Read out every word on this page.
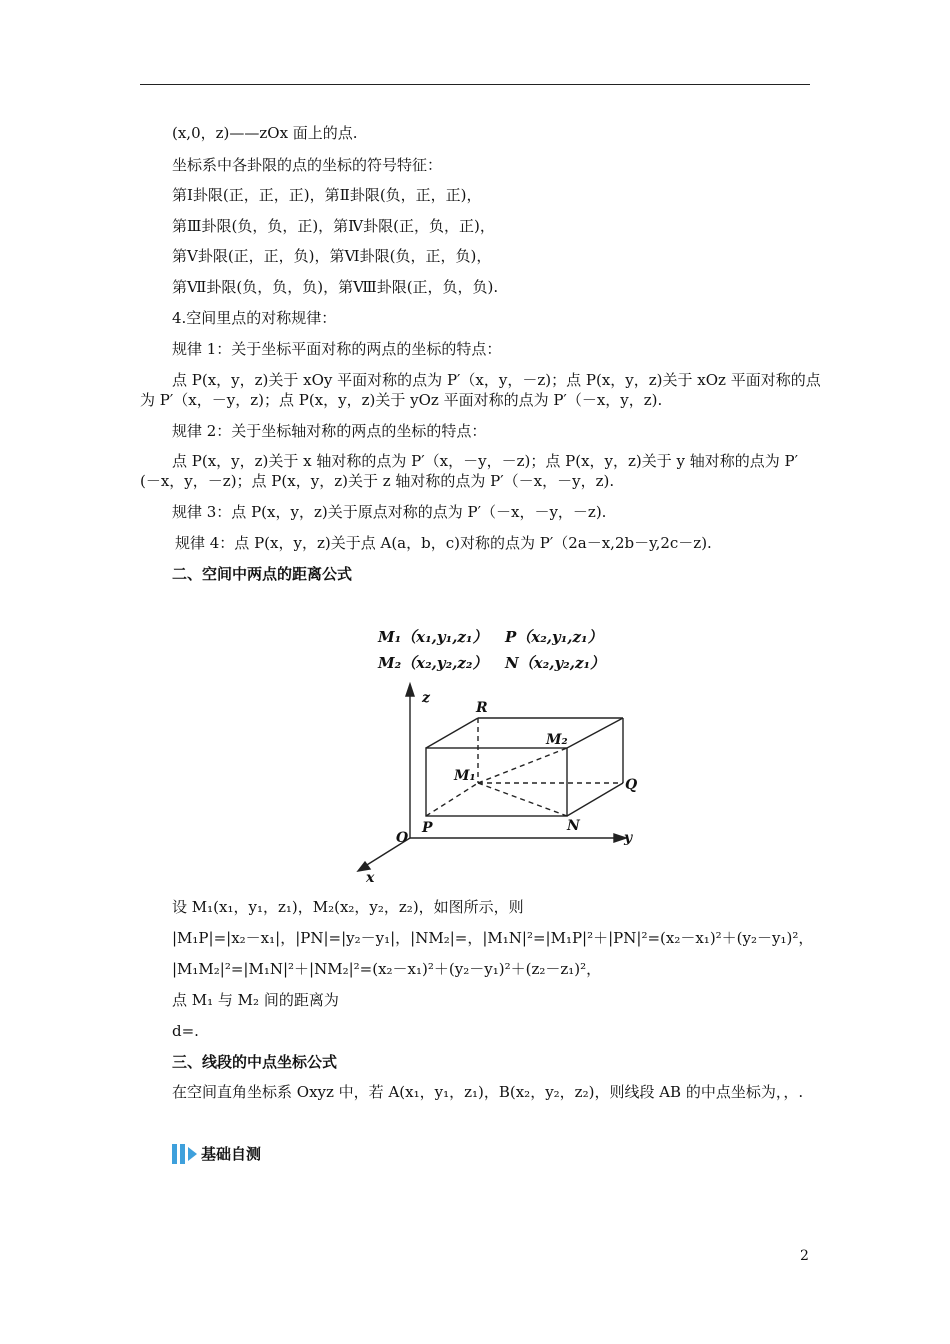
(x,0，z)——zOx 面上的点.
坐标系中各卦限的点的坐标的符号特征：
第Ⅰ卦限(正，正，正)，第Ⅱ卦限(负，正，正)，
第Ⅲ卦限(负，负，正)，第Ⅳ卦限(正，负，正)，
第Ⅴ卦限(正，正，负)，第Ⅵ卦限(负，正，负)，
第Ⅶ卦限(负，负，负)，第Ⅷ卦限(正，负，负).
4.空间里点的对称规律：
规律 1：关于坐标平面对称的两点的坐标的特点：
点 P(x，y，z)关于 xOy 平面对称的点为 P′（x，y，－z)；点 P(x，y，z)关于 xOz 平面对称的点
为 P′（x，－y，z)；点 P(x，y，z)关于 yOz 平面对称的点为 P′（－x，y，z).
规律 2：关于坐标轴对称的两点的坐标的特点：
点 P(x，y，z)关于 x 轴对称的点为 P′（x，－y，－z)；点 P(x，y，z)关于 y 轴对称的点为 P′
(－x，y，－z)；点 P(x，y，z)关于 z 轴对称的点为 P′（－x，－y，z).
规律 3：点 P(x，y，z)关于原点对称的点为 P′（－x，－y，－z).
规律 4：点 P(x，y，z)关于点 A(a，b，c)对称的点为 P′（2a－x,2b－y,2c－z).
二、空间中两点的距离公式
M₁（x₁,y₁,z₁） P（x₂,y₁,z₁）
M₂（x₂,y₂,z₂） N（x₂,y₂,z₁）
z
y
x
O
R
M₂
M₁
Q
P	N
设 M₁(x₁，y₁，z₁)，M₂(x₂，y₂，z₂)，如图所示，则
|M₁P|=|x₂－x₁|，|PN|=|y₂－y₁|，|NM₂|=，|M₁N|²=|M₁P|²＋|PN|²=(x₂－x₁)²＋(y₂－y₁)²，
|M₁M₂|²=|M₁N|²＋|NM₂|²=(x₂－x₁)²＋(y₂－y₁)²＋(z₂－z₁)²，
点 M₁ 与 M₂ 间的距离为
d=.
三、线段的中点坐标公式
在空间直角坐标系 Oxyz 中，若 A(x₁，y₁，z₁)，B(x₂，y₂，z₂)，则线段 AB 的中点坐标为，，.
基础自测
2
